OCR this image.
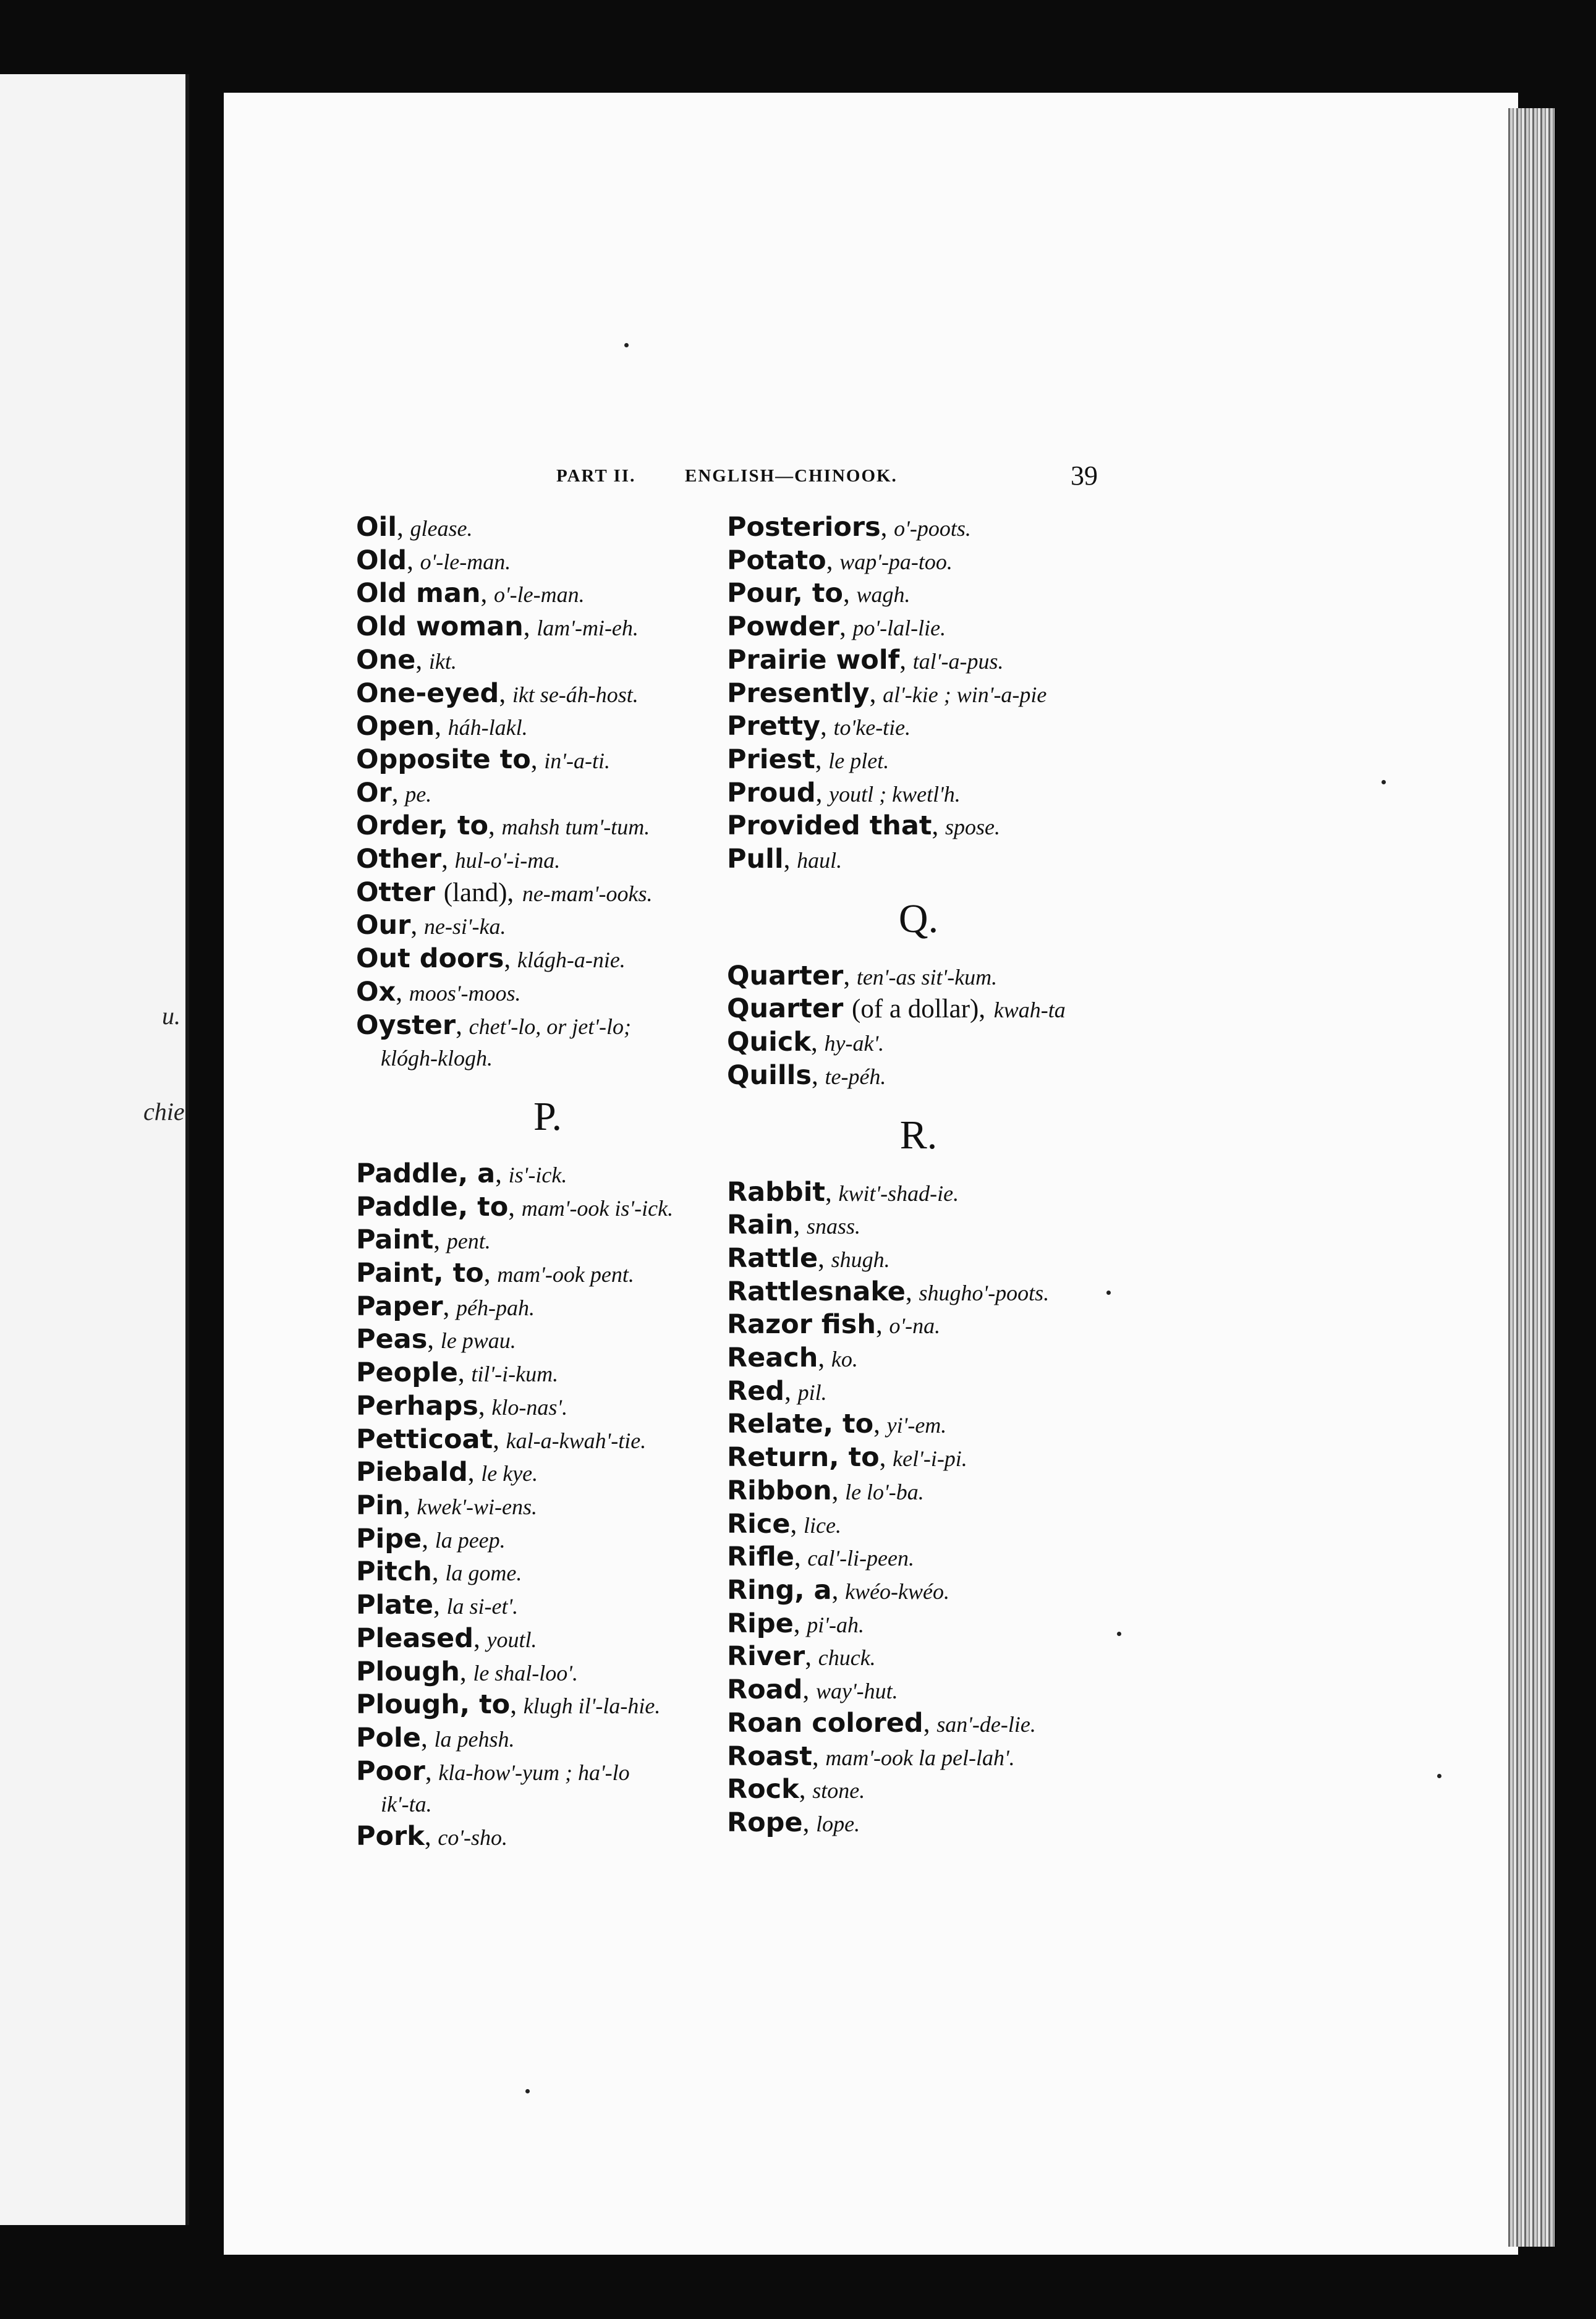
u.
chie
PART II.	ENGLISH—CHINOOK.	39
Oil, glease.
Old, o'-le-man.
Old man, o'-le-man.
Old woman, lam'-mi-eh.
One, ikt.
One-eyed, ikt se-áh-host.
Open, háh-lakl.
Opposite to, in'-a-ti.
Or, pe.
Order, to, mahsh tum'-tum.
Other, hul-o'-i-ma.
Otter (land), ne-mam'-ooks.
Our, ne-si'-ka.
Out doors, klágh-a-nie.
Ox, moos'-moos.
Oyster, chet'-lo, or jet'-lo;
klógh-klogh.
P.
Paddle, a, is'-ick.
Paddle, to, mam'-ook is'-ick.
Paint, pent.
Paint, to, mam'-ook pent.
Paper, péh-pah.
Peas, le pwau.
People, til'-i-kum.
Perhaps, klo-nas'.
Petticoat, kal-a-kwah'-tie.
Piebald, le kye.
Pin, kwek'-wi-ens.
Pipe, la peep.
Pitch, la gome.
Plate, la si-et'.
Pleased, youtl.
Plough, le shal-loo'.
Plough, to, klugh il'-la-hie.
Pole, la pehsh.
Poor, kla-how'-yum ; ha'-lo
ik'-ta.
Pork, co'-sho.
Posteriors, o'-poots.
Potato, wap'-pa-too.
Pour, to, wagh.
Powder, po'-lal-lie.
Prairie wolf, tal'-a-pus.
Presently, al'-kie ; win'-a-pie
Pretty, to'ke-tie.
Priest, le plet.
Proud, youtl ; kwetl'h.
Provided that, spose.
Pull, haul.
Q.
Quarter, ten'-as sit'-kum.
Quarter (of a dollar), kwah-ta
Quick, hy-ak'.
Quills, te-péh.
R.
Rabbit, kwit'-shad-ie.
Rain, snass.
Rattle, shugh.
Rattlesnake, shugho'-poots.
Razor fish, o'-na.
Reach, ko.
Red, pil.
Relate, to, yi'-em.
Return, to, kel'-i-pi.
Ribbon, le lo'-ba.
Rice, lice.
Rifle, cal'-li-peen.
Ring, a, kwéo-kwéo.
Ripe, pi'-ah.
River, chuck.
Road, way'-hut.
Roan colored, san'-de-lie.
Roast, mam'-ook la pel-lah'.
Rock, stone.
Rope, lope.
